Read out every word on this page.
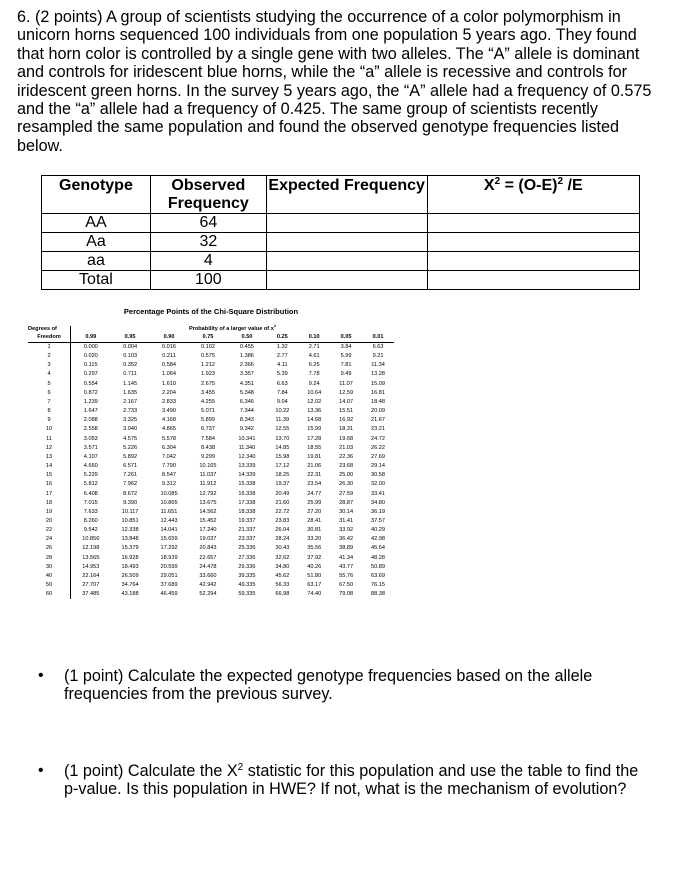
6. (2 points) A group of scientists studying the occurrence of a color polymorphism in unicorn horns sequenced 100 individuals from one population 5 years ago. They found that horn color is controlled by a single gene with two alleles. The “A” allele is dominant and controls for iridescent blue horns, while the “a” allele is recessive and controls for iridescent green horns. In the survey 5 years ago, the “A” allele had a frequency of 0.575 and the “a” allele had a frequency of 0.425. The same group of scientists recently resampled the same population and found the observed genotype frequencies listed below.

Genotype	Observed Frequency	Expected Frequency	$X^2 = (O-E)^2$ /E
AA	64		
Aa	32		
aa	4		
Total	100		
Percentage Points of the Chi-Square Distribution
Degrees of	Probability of a larger value of $x^2$
Freedom	0.99	0.95	0.90	0.75	0.50	0.25	0.10	0.05	0.01
1	0.000	0.004	0.016	0.102	0.455	1.32	2.71	3.84	6.63
2	0.020	0.103	0.211	0.575	1.386	2.77	4.61	5.99	9.21
3	0.115	0.352	0.584	1.212	2.366	4.11	6.25	7.81	11.34
4	0.297	0.711	1.064	1.923	3.357	5.39	7.78	9.49	13.28
5	0.554	1.145	1.610	2.675	4.351	6.63	9.24	11.07	15.09
6	0.872	1.635	2.204	3.455	5.348	7.84	10.64	12.59	16.81
7	1.239	2.167	2.833	4.255	6.346	9.04	12.02	14.07	18.48
8	1.647	2.733	3.490	5.071	7.344	10.22	13.36	15.51	20.09
9	2.088	3.325	4.168	5.899	8.343	11.39	14.68	16.92	21.67
10	2.558	3.940	4.865	6.737	9.342	12.55	15.99	18.31	23.21
11	3.053	4.575	5.578	7.584	10.341	13.70	17.28	19.68	24.72
12	3.571	5.226	6.304	8.438	11.340	14.85	18.55	21.03	26.22
13	4.107	5.892	7.042	9.299	12.340	15.98	19.81	22.36	27.69
14	4.660	6.571	7.790	10.165	13.339	17.12	21.06	23.68	29.14
15	5.229	7.261	8.547	11.037	14.339	18.25	22.31	25.00	30.58
16	5.812	7.962	9.312	11.912	15.338	19.37	23.54	26.30	32.00
17	6.408	8.672	10.085	12.792	16.338	20.49	24.77	27.59	33.41
18	7.015	9.390	10.865	13.675	17.338	21.60	25.99	28.87	34.80
19	7.633	10.117	11.651	14.562	18.338	22.72	27.20	30.14	36.19
20	8.260	10.851	12.443	15.452	19.337	23.83	28.41	31.41	37.57
22	9.542	12.338	14.041	17.240	21.337	26.04	30.81	33.92	40.29
24	10.856	13.848	15.659	19.037	23.337	28.24	33.20	36.42	42.98
26	12.198	15.379	17.292	20.843	25.336	30.43	35.56	38.89	45.64
28	13.565	16.928	18.939	22.657	27.336	32.62	37.92	41.34	48.28
30	14.953	18.493	20.599	24.478	29.336	34.80	40.26	43.77	50.89
40	22.164	26.509	29.051	33.660	39.335	45.62	51.80	55.76	63.69
50	27.707	34.764	37.689	42.942	49.335	56.33	63.17	67.50	76.15
60	37.485	43.188	46.459	52.294	59.335	66.98	74.40	79.08	88.38
• (1 point) Calculate the expected genotype frequencies based on the allele frequencies from the previous survey.
• (1 point) Calculate the $X^2$ statistic for this population and use the table to find the p-value. Is this population in HWE? If not, what is the mechanism of evolution?
